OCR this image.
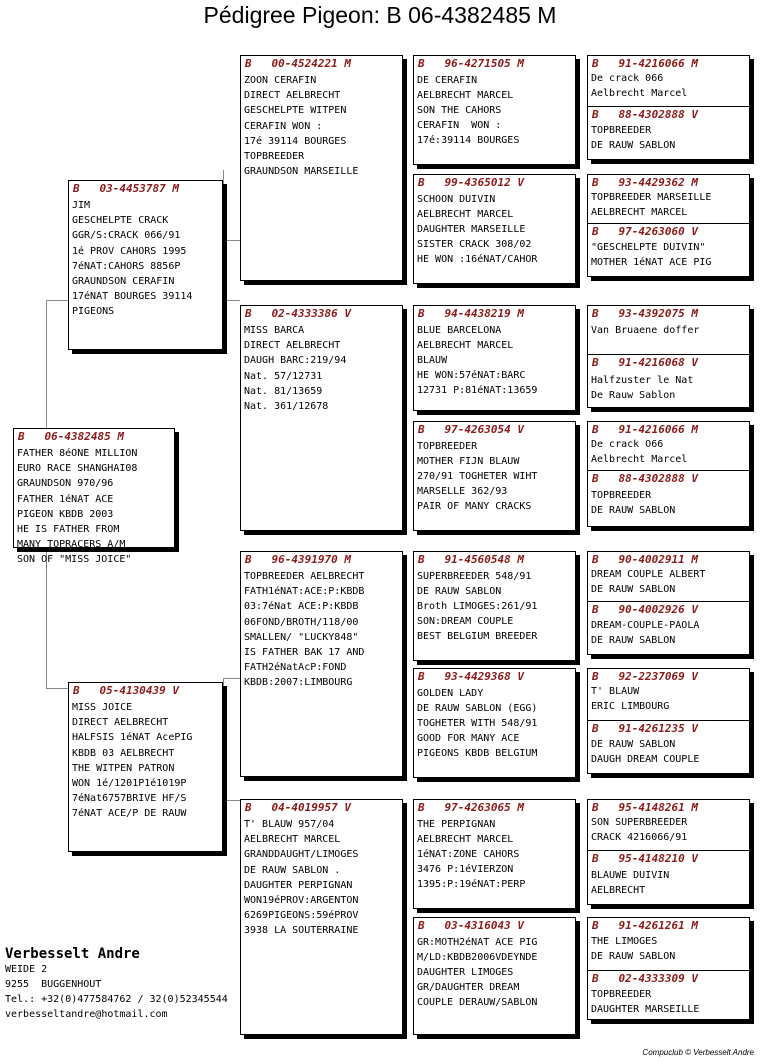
Pédigree Pigeon: B 06-4382485 M
B   06-4382485 M
FATHER 8éONE MILLION
EURO RACE SHANGHAI08
GRAUNDSON 970/96
FATHER 1éNAT ACE
PIGEON KBDB 2003
HE IS FATHER FROM
MANY TOPRACERS A/M
SON OF "MISS JOICE"
B   03-4453787 M
JIM
GESCHELPTE CRACK
GGR/S:CRACK 066/91
1é PROV CAHORS 1995
7éNAT:CAHORS 8856P
GRAUNDSON CERAFIN
17éNAT BOURGES 39114
PIGEONS
B   05-4130439 V
MISS JOICE
DIRECT AELBRECHT
HALFSIS 1éNAT AcePIG
KBDB 03 AELBRECHT
THE WITPEN PATRON
WON 1é/1201P1é1019P
7éNat6757BRIVE HF/S
7éNAT ACE/P DE RAUW
B   00-4524221 M
ZOON CERAFIN
DIRECT AELBRECHT
GESCHELPTE WITPEN
CERAFIN WON :
17é 39114 BOURGES
TOPBREEDER
GRAUNDSON MARSEILLE
B   02-4333386 V
MISS BARCA
DIRECT AELBRECHT
DAUGH BARC:219/94
Nat. 57/12731
Nat. 81/13659
Nat. 361/12678
B   96-4391970 M
TOPBREEDER AELBRECHT
FATH1éNAT:ACE:P:KBDB
03:7éNat ACE:P:KBDB
06FOND/BROTH/118/00
SMALLEN/ "LUCKY848"
IS FATHER BAK 17 AND
FATH2éNatAcP:FOND
KBDB:2007:LIMBOURG
B   04-4019957 V
T' BLAUW 957/04
AELBRECHT MARCEL
GRANDDAUGHT/LIMOGES
DE RAUW SABLON .
DAUGHTER PERPIGNAN
WON19éPROV:ARGENTON
6269PIGEONS:59éPROV
3938 LA SOUTERRAINE
B   96-4271505 M
DE CERAFIN
AELBRECHT MARCEL
SON THE CAHORS
CERAFIN  WON :
17é:39114 BOURGES
B   99-4365012 V
SCHOON DUIVIN
AELBRECHT MARCEL
DAUGHTER MARSEILLE
SISTER CRACK 308/02
HE WON :16éNAT/CAHOR
B   94-4438219 M
BLUE BARCELONA
AELBRECHT MARCEL
BLAUW
HE WON:57éNAT:BARC
12731 P:81éNAT:13659
B   97-4263054 V
TOPBREEDER
MOTHER FIJN BLAUW
270/91 TOGHETER WIHT
MARSELLE 362/93
PAIR OF MANY CRACKS
B   91-4560548 M
SUPERBREEDER 548/91
DE RAUW SABLON
Broth LIMOGES:261/91
SON:DREAM COUPLE
BEST BELGIUM BREEDER
B   93-4429368 V
GOLDEN LADY
DE RAUW SABLON (EGG)
TOGHETER WITH 548/91
GOOD FOR MANY ACE
PIGEONS KBDB BELGIUM
B   97-4263065 M
THE PERPIGNAN
AELBRECHT MARCEL
1éNAT:ZONE CAHORS
3476 P:1éVIERZON
1395:P:19éNAT:PERP
B   03-4316043 V
GR:MOTH2éNAT ACE PIG
M/LD:KBDB2006VDEYNDE
DAUGHTER LIMOGES
GR/DAUGHTER DREAM
COUPLE DERAUW/SABLON
B   91-4216066 M
De crack 066
Aelbrecht Marcel
B   88-4302888 V
TOPBREEDER
DE RAUW SABLON
B   93-4429362 M
TOPBREEDER MARSEILLE
AELBRECHT MARCEL
B   97-4263060 V
"GESCHELPTE DUIVIN"
MOTHER 1éNAT ACE PIG
B   93-4392075 M
Van Bruaene doffer
B   91-4216068 V
Halfzuster le Nat
De Rauw Sablon
B   91-4216066 M
De crack O66
Aelbrecht Marcel
B   88-4302888 V
TOPBREEDER
DE RAUW SABLON
B   90-4002911 M
DREAM COUPLE ALBERT
DE RAUW SABLON
B   90-4002926 V
DREAM-COUPLE-PAOLA
DE RAUW SABLON
B   92-2237069 V
T' BLAUW
ERIC LIMBOURG
B   91-4261235 V
DE RAUW SABLON
DAUGH DREAM COUPLE
B   95-4148261 M
SON SUPERBREEDER
CRACK 4216066/91
B   95-4148210 V
BLAUWE DUIVIN
AELBRECHT
B   91-4261261 M
THE LIMOGES
DE RAUW SABLON
B   02-4333309 V
TOPBREEDER
DAUGHTER MARSEILLE
Verbesselt Andre
WEIDE 2
9255  BUGGENHOUT
Tel.: +32(0)477584762 / 32(0)52345544
verbesseltandre@hotmail.com
Compuclub © Verbesselt Andre
